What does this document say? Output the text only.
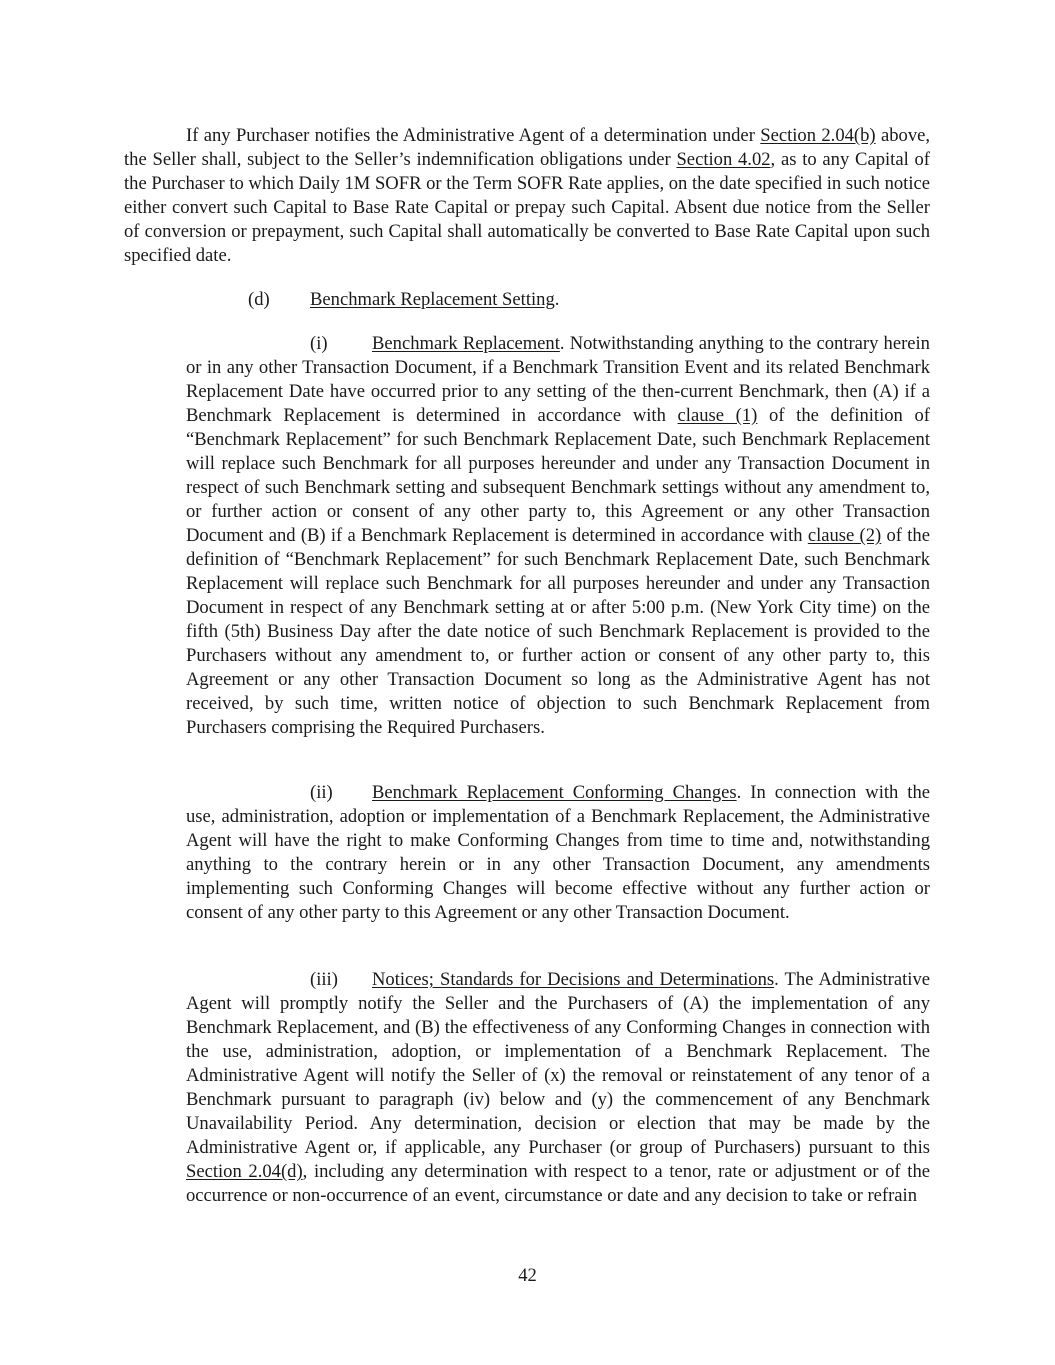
If any Purchaser notifies the Administrative Agent of a determination under Section 2.04(b) above, the Seller shall, subject to the Seller’s indemnification obligations under Section 4.02, as to any Capital of the Purchaser to which Daily 1M SOFR or the Term SOFR Rate applies, on the date specified in such notice either convert such Capital to Base Rate Capital or prepay such Capital. Absent due notice from the Seller of conversion or prepayment, such Capital shall automatically be converted to Base Rate Capital upon such specified date.

(d) Benchmark Replacement Setting.

(i) Benchmark Replacement. Notwithstanding anything to the contrary herein or in any other Transaction Document, if a Benchmark Transition Event and its related Benchmark Replacement Date have occurred prior to any setting of the then-current Benchmark, then (A) if a Benchmark Replacement is determined in accordance with clause (1) of the definition of “Benchmark Replacement” for such Benchmark Replacement Date, such Benchmark Replacement will replace such Benchmark for all purposes hereunder and under any Transaction Document in respect of such Benchmark setting and subsequent Benchmark settings without any amendment to, or further action or consent of any other party to, this Agreement or any other Transaction Document and (B) if a Benchmark Replacement is determined in accordance with clause (2) of the definition of “Benchmark Replacement” for such Benchmark Replacement Date, such Benchmark Replacement will replace such Benchmark for all purposes hereunder and under any Transaction Document in respect of any Benchmark setting at or after 5:00 p.m. (New York City time) on the fifth (5th) Business Day after the date notice of such Benchmark Replacement is provided to the Purchasers without any amendment to, or further action or consent of any other party to, this Agreement or any other Transaction Document so long as the Administrative Agent has not received, by such time, written notice of objection to such Benchmark Replacement from Purchasers comprising the Required Purchasers.

(ii) Benchmark Replacement Conforming Changes. In connection with the use, administration, adoption or implementation of a Benchmark Replacement, the Administrative Agent will have the right to make Conforming Changes from time to time and, notwithstanding anything to the contrary herein or in any other Transaction Document, any amendments implementing such Conforming Changes will become effective without any further action or consent of any other party to this Agreement or any other Transaction Document.

(iii) Notices; Standards for Decisions and Determinations. The Administrative Agent will promptly notify the Seller and the Purchasers of (A) the implementation of any Benchmark Replacement, and (B) the effectiveness of any Conforming Changes in connection with the use, administration, adoption, or implementation of a Benchmark Replacement. The Administrative Agent will notify the Seller of (x) the removal or reinstatement of any tenor of a Benchmark pursuant to paragraph (iv) below and (y) the commencement of any Benchmark Unavailability Period. Any determination, decision or election that may be made by the Administrative Agent or, if applicable, any Purchaser (or group of Purchasers) pursuant to this Section 2.04(d), including any determination with respect to a tenor, rate or adjustment or of the occurrence or non-occurrence of an event, circumstance or date and any decision to take or refrain

42
